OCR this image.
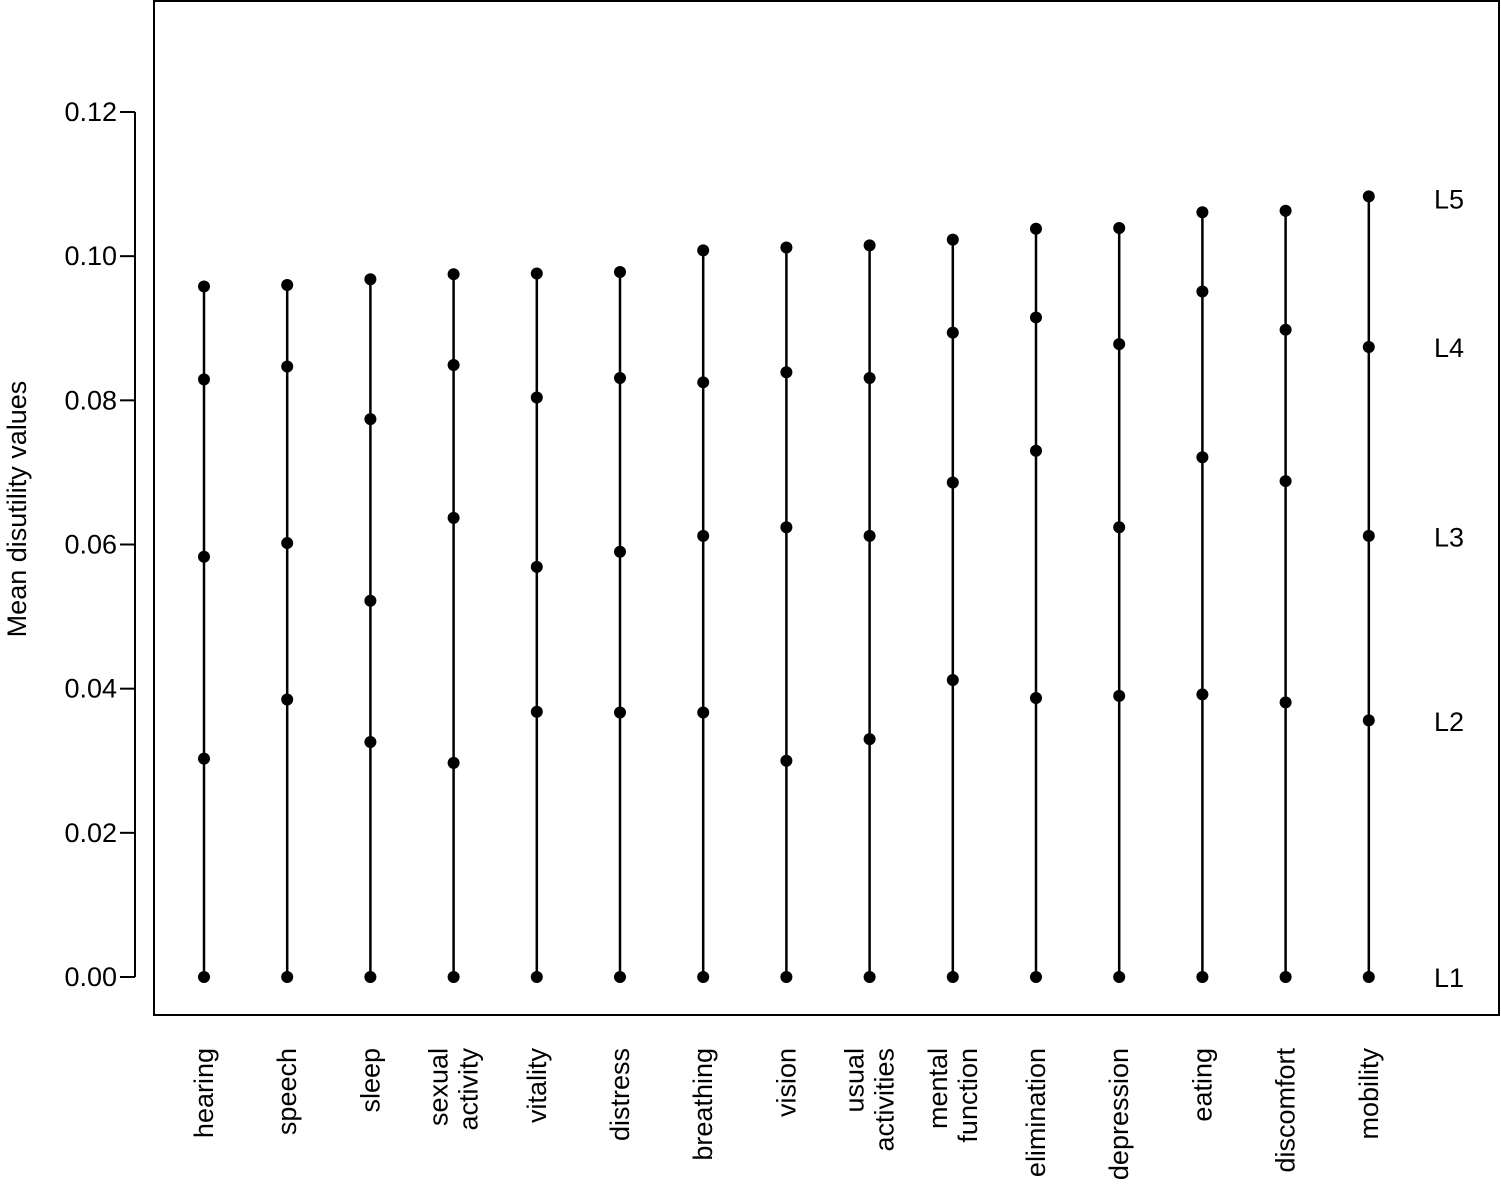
Mean disutility values
0.00
0.02
0.04
0.06
0.08
0.10
0.12
hearing speech sleep sexualactivity vitality distress breathing vision usualactivities mentalfunction elimination depression eating discomfort mobility
L1
L2
L3
L4
L5
